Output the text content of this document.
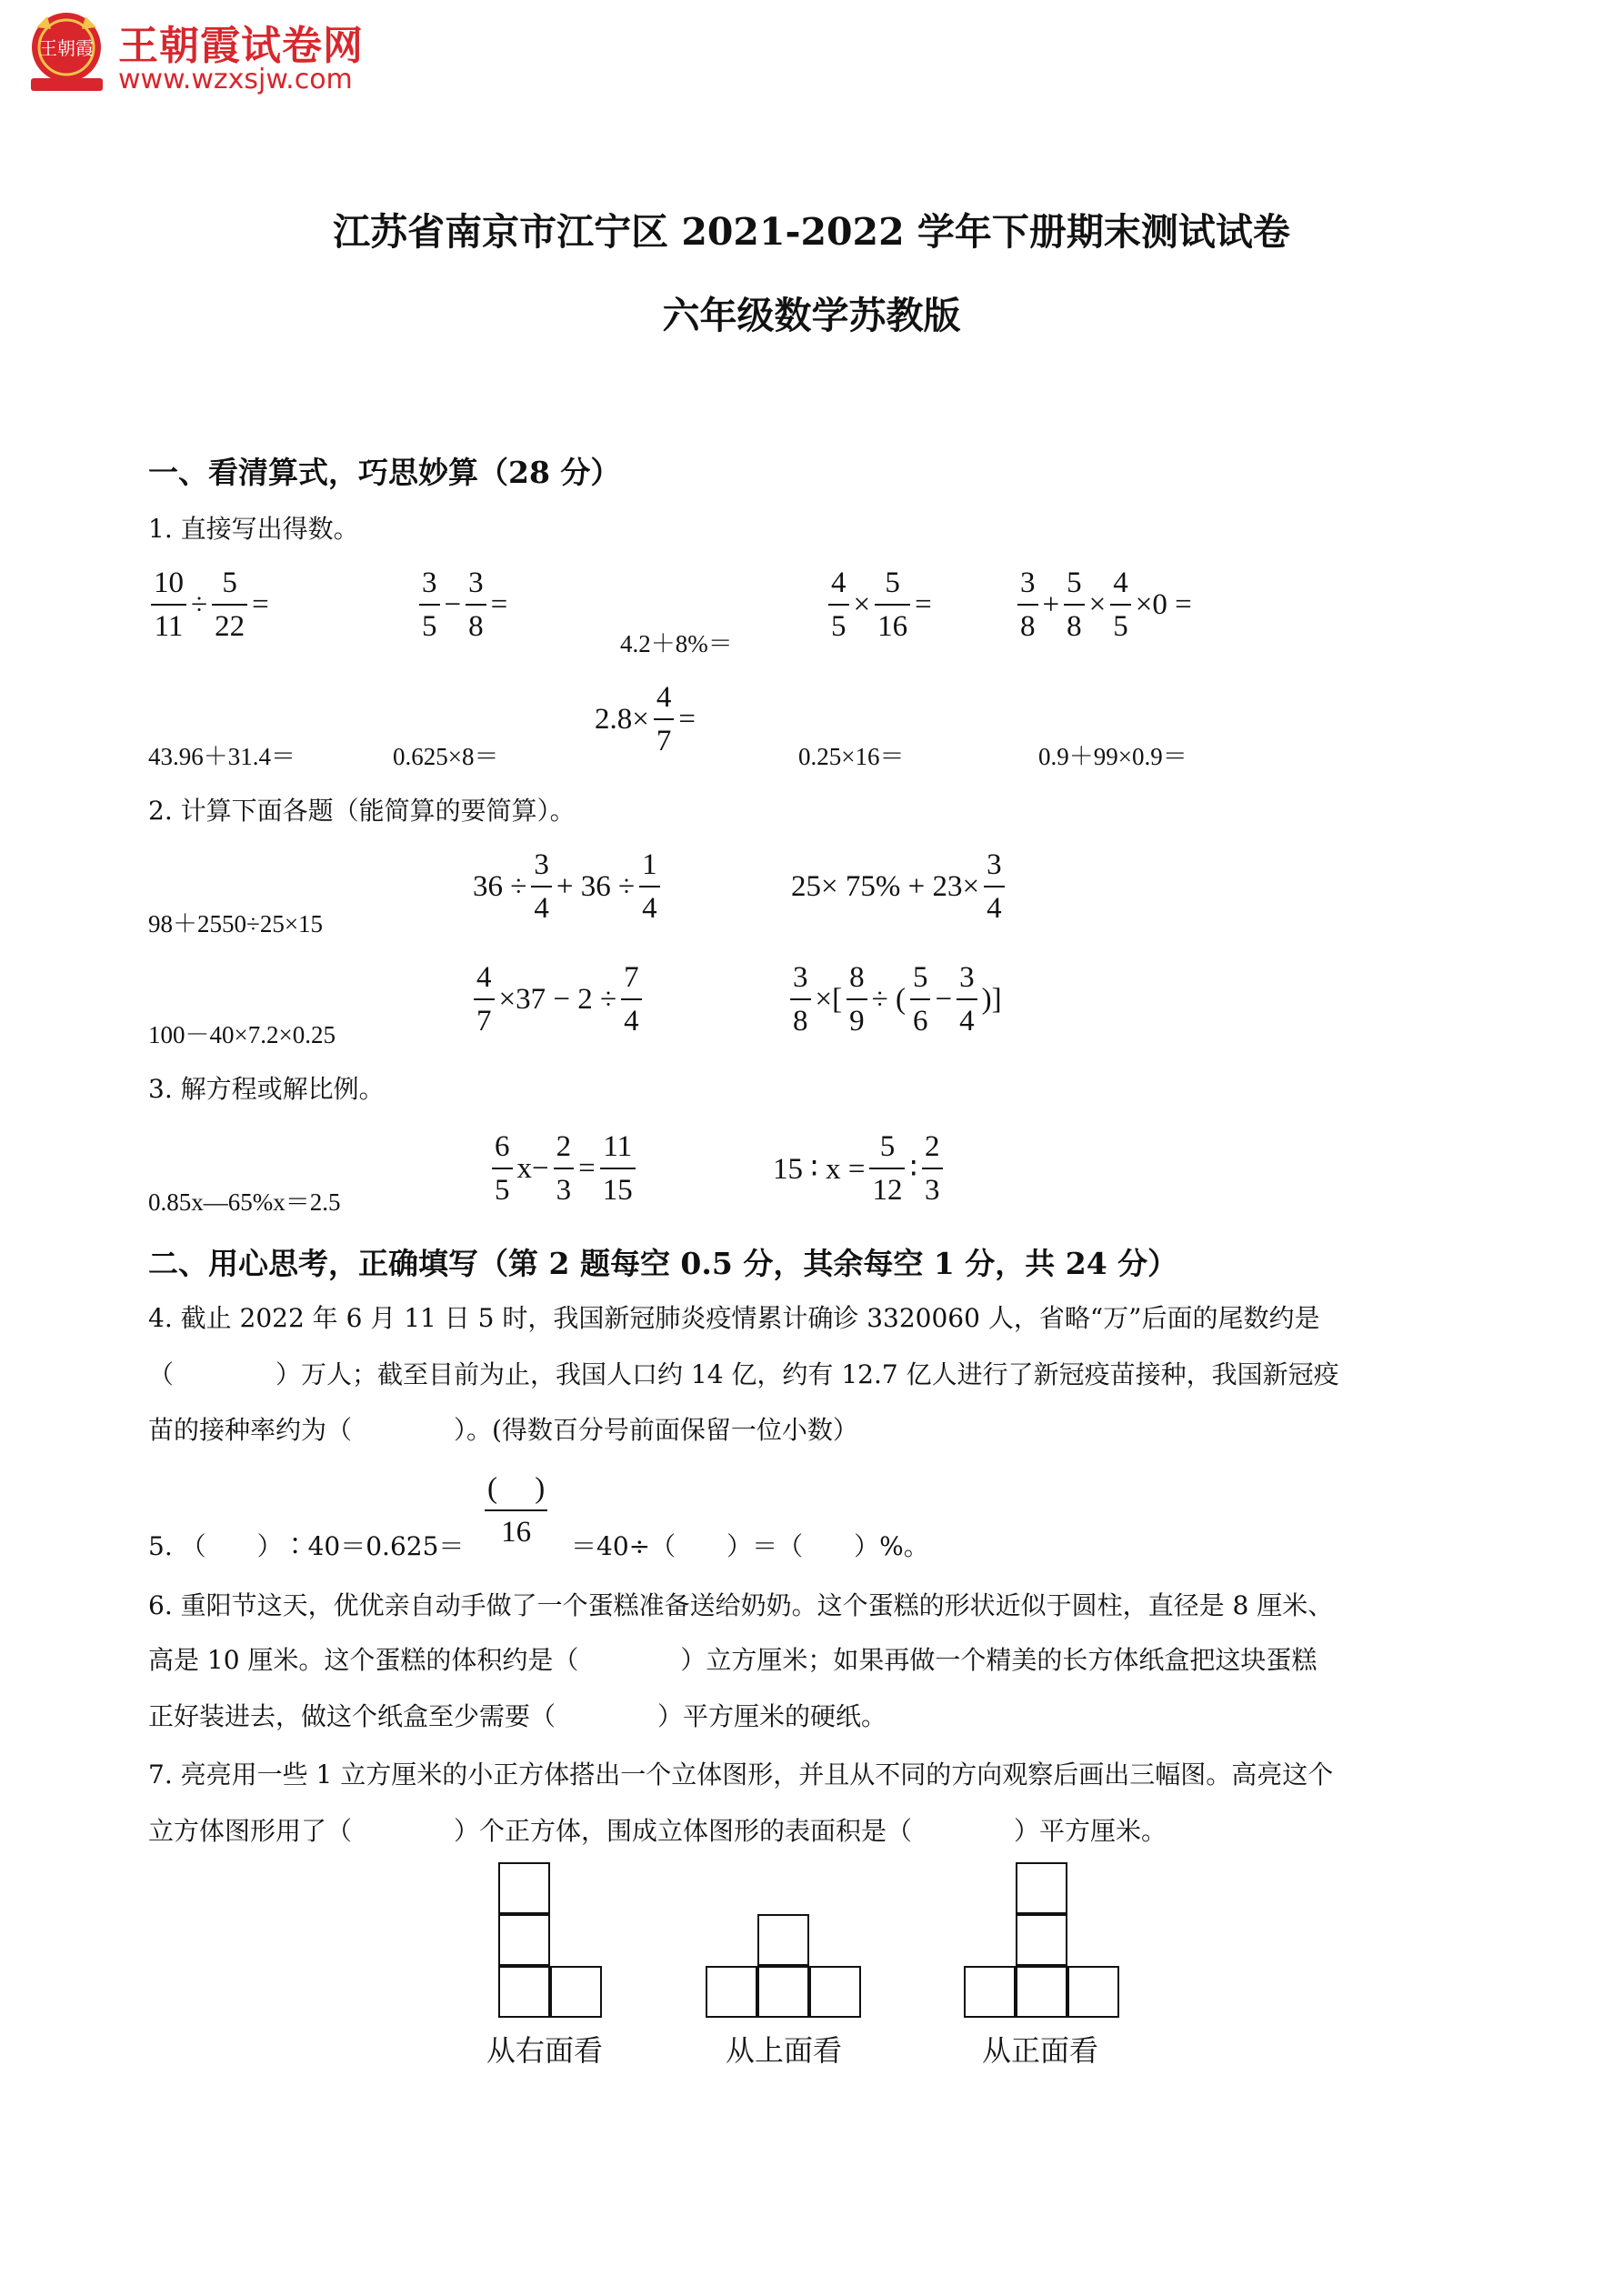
王朝霞 王朝霞试卷网
www.wzxsjw.com
江苏省南京市江宁区 2021-2022 学年下册期末测试试卷
六年级数学苏教版
一、看清算式，巧思妙算（28 分）
1. 直接写出得数。
$\frac{10}{11} \div \frac{5}{22}$ =	$\frac{3}{5} - \frac{3}{8}$ =
4.2＋8%＝	$\frac{4}{5} \times \frac{5}{16}$ =	$\frac{3}{8} + \frac{5}{8} \times \frac{4}{5} \times 0$ =
43.96＋31.4＝	0.625×8＝
$2.8\times \frac{4}{7}$ =
0.25×16＝	0.9＋99×0.9＝
2. 计算下面各题（能简算的要简算）。
98＋2550÷25×15
$36 \div \frac{3}{4} + 36 \div \frac{1}{4}$	$25\times 75\% + 23\times \frac{3}{4}$
100－40×7.2×0.25	$\frac{4}{7} \times 37 - 2 \div \frac{7}{4}$	$\frac{3}{8}$ ×[ $\frac{8}{9}$ ÷ ( $\frac{5}{6} - \frac{3}{4}$ )]
3. 解方程或解比例。
0.85x—65%x＝2.5	$\frac{6}{5} x- \frac{2}{3} = \frac{11}{15}$	15 ∶ $x = \frac{5}{12}$ ∶ $\frac{2}{3}$
二、用心思考，正确填写（第 2 题每空 0.5 分，其余每空 1 分，共 24 分）
4. 截止 2022 年 6 月 11 日 5 时，我国新冠肺炎疫情累计确诊 3320060 人，省略“万”后面的尾数约是
（　　　　）万人；截至目前为止，我国人口约 14 亿，约有 12.7 亿人进行了新冠疫苗接种，我国新冠疫
苗的接种率约为（　　　　）。(得数百分号前面保留一位小数）
5. （　　）∶40＝0.625＝ $\frac{( )}{16} =40\div$（　　）＝（　　）%。
6. 重阳节这天，优优亲自动手做了一个蛋糕准备送给奶奶。这个蛋糕的形状近似于圆柱，直径是 8 厘米、
高是 10 厘米。这个蛋糕的体积约是（　　　　）立方厘米；如果再做一个精美的长方体纸盒把这块蛋糕
正好装进去，做这个纸盒至少需要（　　　　）平方厘米的硬纸。
7. 亮亮用一些 1 立方厘米的小正方体搭出一个立体图形，并且从不同的方向观察后画出三幅图。高亮这个
立方体图形用了（　　　　）个正方体，围成立体图形的表面积是（　　　　）平方厘米。
从右面看	从上面看	从正面看
